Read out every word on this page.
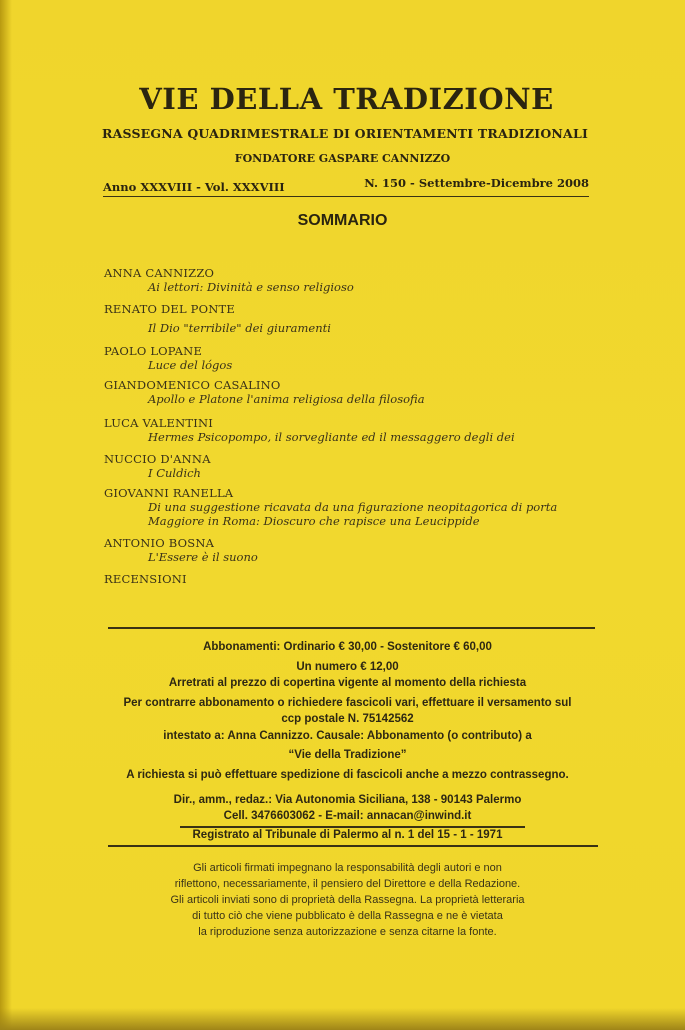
VIE DELLA TRADIZIONE
RASSEGNA QUADRIMESTRALE DI ORIENTAMENTI TRADIZIONALI
FONDATORE GASPARE CANNIZZO
Anno XXXVIII - Vol. XXXVIII	N. 150 - Settembre-Dicembre 2008
SOMMARIO
ANNA CANNIZZO
Ai lettori: Divinità e senso religioso
RENATO DEL PONTE
Il Dio "terribile" dei giuramenti
PAOLO LOPANE
Luce del lógos
GIANDOMENICO CASALINO
Apollo e Platone l'anima religiosa della filosofia
LUCA VALENTINI
Hermes Psicopompo, il sorvegliante ed il messaggero degli dei
NUCCIO D'ANNA
I Culdich
GIOVANNI RANELLA
Di una suggestione ricavata da una figurazione neopitagorica di porta
Maggiore in Roma: Dioscuro che rapisce una Leucippide
ANTONIO BOSNA
L'Essere è il suono
RECENSIONI
Abbonamenti: Ordinario € 30,00 - Sostenitore € 60,00
Un numero € 12,00
Arretrati al prezzo di copertina vigente al momento della richiesta
Per contrarre abbonamento o richiedere fascicoli vari, effettuare il versamento sul
ccp postale N. 75142562
intestato a: Anna Cannizzo. Causale: Abbonamento (o contributo) a
“Vie della Tradizione”
A richiesta si può effettuare spedizione di fascicoli anche a mezzo contrassegno.
Dir., amm., redaz.: Via Autonomia Siciliana, 138 - 90143 Palermo
Cell. 3476603062 - E-mail: annacan@inwind.it
Registrato al Tribunale di Palermo al n. 1 del 15 - 1 - 1971
Gli articoli firmati impegnano la responsabilità degli autori e non
riflettono, necessariamente, il pensiero del Direttore e della Redazione.
Gli articoli inviati sono di proprietà della Rassegna. La proprietà letteraria
di tutto ciò che viene pubblicato è della Rassegna e ne è vietata
la riproduzione senza autorizzazione e senza citarne la fonte.
